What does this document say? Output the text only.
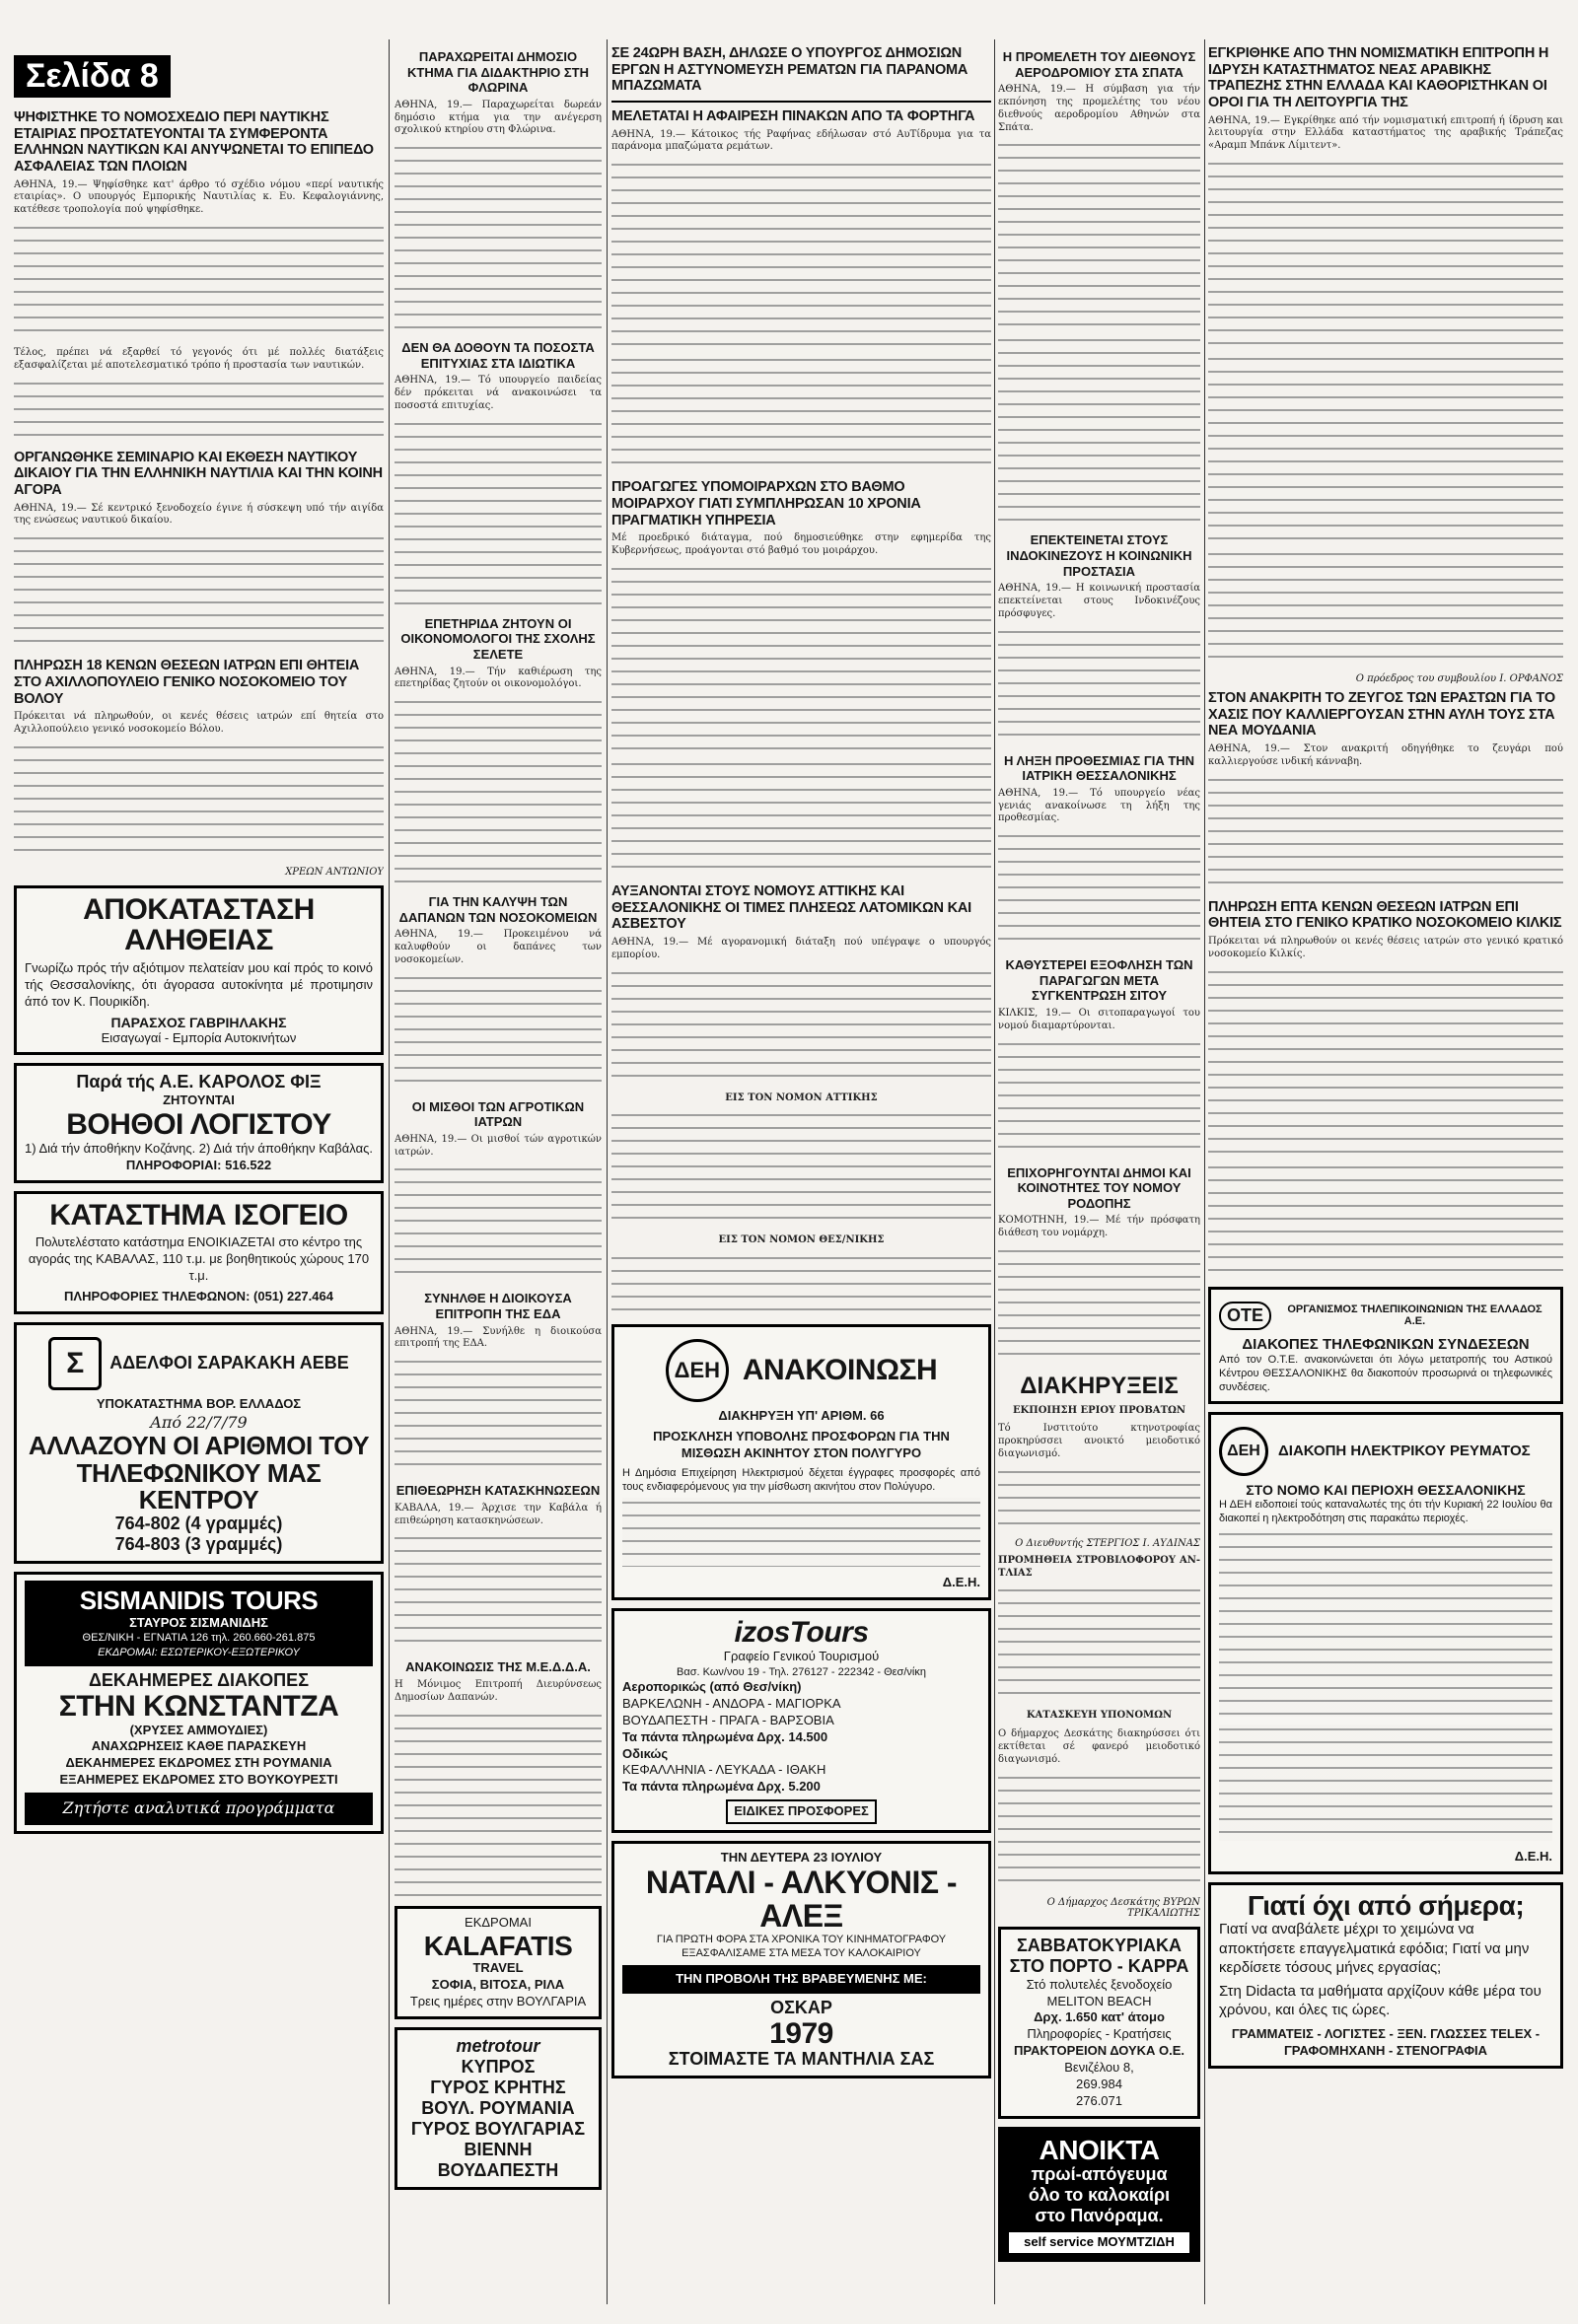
Σελίδα 8
ΨΗΦΙΣΤΗΚΕ ΤΟ ΝΟΜΟΣΧΕΔΙΟ ΠΕΡΙ ΝΑΥΤΙΚΗΣ ΕΤΑΙΡΙΑΣ ΠΡΟΣΤΑΤΕΥΟΝΤΑΙ ΤΑ ΣΥΜΦΕΡΟΝΤΑ ΕΛΛΗΝΩΝ ΝΑΥΤΙΚΩΝ ΚΑΙ ΑΝΥΨΩΝΕΤΑΙ ΤΟ ΕΠΙΠΕΔΟ ΑΣΦΑΛΕΙΑΣ ΤΩΝ ΠΛΟΙΩΝ

ΑΘΗΝΑ, 19.— Ψηφίσθηκε κατ' άρθρο τό σχέδιο νόμου «περί ναυτικής εταιρίας». Ο υπουργός Εμπορικής Ναυτιλίας κ. Ευ. Κεφαλογιάννης, κατέθεσε τροπολογία πού ψηφίσθηκε.

Τέλος, πρέπει νά εξαρθεί τό γεγονός ότι μέ πολλές διατάξεις εξασφαλίζεται μέ αποτελεσματικό τρόπο ή προστασία των ναυτικών.

ΟΡΓΑΝΩΘΗΚΕ ΣΕΜΙΝΑΡΙΟ ΚΑΙ ΕΚΘΕΣΗ ΝΑΥΤΙΚΟΥ ΔΙΚΑΙΟΥ ΓΙΑ ΤΗΝ ΕΛΛΗΝΙΚΗ ΝΑΥΤΙΛΙΑ ΚΑΙ ΤΗΝ ΚΟΙΝΗ ΑΓΟΡΑ

ΑΘΗΝΑ, 19.— Σέ κεντρικό ξενοδοχείο έγινε ή σύσκεψη υπό τήν αιγίδα της ενώσεως ναυτικού δικαίου.

ΠΛΗΡΩΣΗ 18 ΚΕΝΩΝ ΘΕΣΕΩΝ ΙΑΤΡΩΝ ΕΠΙ ΘΗΤΕΙΑ ΣΤΟ ΑΧΙΛΛΟΠΟΥΛΕΙΟ ΓΕΝΙΚΟ ΝΟΣΟΚΟΜΕΙΟ ΤΟΥ ΒΟΛΟΥ

Πρόκειται νά πληρωθούν, οι κενές θέσεις ιατρών επί θητεία στο Αχιλλοπούλειο γενικό νοσοκομείο Βόλου.

ΧΡΕΩΝ ΑΝΤΩΝΙΟΥ

ΑΠΟΚΑΤΑΣΤΑΣΗ ΑΛΗΘΕΙΑΣ
Γνωρίζω πρός τήν αξιότιμον πελατείαν μου καί πρός το κοινό τής Θεσσαλονίκης, ότι άγορασα αυτοκίνητα μέ προτιμησιν άπό τον Κ. Πουρικίδη.
ΠΑΡΑΣΧΟΣ ΓΑΒΡΙΗΛΑΚΗΣ
Εισαγωγαί - Εμπορία Αυτοκινήτων
Παρά τής Α.Ε. ΚΑΡΟΛΟΣ ΦΙΞ
ΖΗΤΟΥΝΤΑΙ
ΒΟΗΘΟΙ ΛΟΓΙΣΤΟΥ
1) Διά τήν άποθήκην Κοζάνης. 2) Διά τήν άποθήκην Καβάλας.
ΠΛΗΡΟΦΟΡΙΑΙ: 516.522
ΚΑΤΑΣΤΗΜΑ ΙΣΟΓΕΙΟ
Πολυτελέστατο κατάστημα ΕΝΟΙΚΙΑΖΕΤΑΙ στο κέντρο της αγοράς της ΚΑΒΑΛΑΣ, 110 τ.μ. με βοηθητικούς χώρους 170 τ.μ.
ΠΛΗΡΟΦΟΡΙΕΣ ΤΗΛΕΦΩΝΟΝ: (051) 227.464
Σ	ΑΔΕΛΦΟΙ ΣΑΡΑΚΑΚΗ ΑΕΒΕ
ΥΠΟΚΑΤΑΣΤΗΜΑ ΒΟΡ. ΕΛΛΑΔΟΣ
Από 22/7/79
ΑΛΛΑΖΟΥΝ ΟΙ ΑΡΙΘΜΟΙ ΤΟΥ ΤΗΛΕΦΩΝΙΚΟΥ ΜΑΣ ΚΕΝΤΡΟΥ
764-802 (4 γραμμές)
764-803 (3 γραμμές)
SISMANIDIS TOURS
ΣΤΑΥΡΟΣ ΣΙΣΜΑΝΙΔΗΣ
ΘΕΣ/ΝΙΚΗ - ΕΓΝΑΤΙΑ 126 τηλ. 260.660-261.875
ΕΚΔΡΟΜΑΙ: ΕΣΩΤΕΡΙΚΟΥ-ΕΞΩΤΕΡΙΚΟΥ
ΔΕΚΑΗΜΕΡΕΣ ΔΙΑΚΟΠΕΣ
ΣΤΗΝ ΚΩΝΣΤΑΝΤΖΑ
(ΧΡΥΣΕΣ ΑΜΜΟΥΔΙΕΣ)
ΑΝΑΧΩΡΗΣΕΙΣ ΚΑΘΕ ΠΑΡΑΣΚΕΥΗ
ΔΕΚΑΗΜΕΡΕΣ ΕΚΔΡΟΜΕΣ ΣΤΗ ΡΟΥΜΑΝΙΑ
ΕΞΑΗΜΕΡΕΣ ΕΚΔΡΟΜΕΣ ΣΤΟ ΒΟΥΚΟΥΡΕΣΤΙ
Ζητήστε αναλυτικά προγράμματα
ΠΑΡΑΧΩΡΕΙΤΑΙ ΔΗΜΟΣΙΟ ΚΤΗΜΑ ΓΙΑ ΔΙΔΑΚΤΗΡΙΟ ΣΤΗ ΦΛΩΡΙΝΑ

ΑΘΗΝΑ, 19.— Παραχωρείται δωρεάν δημόσιο κτήμα για την ανέγερση σχολικού κτηρίου στη Φλώρινα.

ΔΕΝ ΘΑ ΔΟΘΟΥΝ ΤΑ ΠΟΣΟΣΤΑ ΕΠΙΤΥΧΙΑΣ ΣΤΑ ΙΔΙΩΤΙΚΑ

ΑΘΗΝΑ, 19.— Τό υπουργείο παιδείας δέν πρόκειται νά ανακοινώσει τα ποσοστά επιτυχίας.

ΕΠΕΤΗΡΙΔΑ ΖΗΤΟΥΝ ΟΙ ΟΙΚΟΝΟΜΟΛΟΓΟΙ ΤΗΣ ΣΧΟΛΗΣ ΣΕΛΕΤΕ

ΑΘΗΝΑ, 19.— Τήν καθιέρωση της επετηρίδας ζητούν οι οικονομολόγοι.

ΓΙΑ ΤΗΝ ΚΑΛΥΨΗ ΤΩΝ ΔΑΠΑΝΩΝ ΤΩΝ ΝΟΣΟΚΟΜΕΙΩΝ

ΑΘΗΝΑ, 19.— Προκειμένου νά καλυφθούν οι δαπάνες των νοσοκομείων.

ΟΙ ΜΙΣΘΟΙ ΤΩΝ ΑΓΡΟΤΙΚΩΝ ΙΑΤΡΩΝ

ΑΘΗΝΑ, 19.— Οι μισθοί τών αγροτικών ιατρών.

ΣΥΝΗΛΘΕ Η ΔΙΟΙΚΟΥΣΑ ΕΠΙΤΡΟΠΗ ΤΗΣ ΕΔΑ

ΑΘΗΝΑ, 19.— Συνήλθε η διοικούσα επιτροπή της ΕΔΑ.

ΕΠΙΘΕΩΡΗΣΗ ΚΑΤΑΣΚΗΝΩΣΕΩΝ

ΚΑΒΑΛΑ, 19.— Άρχισε την Καβάλα ή επιθεώρηση κατασκηνώσεων.

ΑΝΑΚΟΙΝΩΣΙΣ ΤΗΣ Μ.Ε.Δ.Δ.Α.

Η Μόνιμος Επιτροπή Διευρύνσεως Δημοσίων Δαπανών.

ΕΚΔΡΟΜΑΙ
KALAFATIS
TRAVEL
ΣΟΦΙΑ, ΒΙΤΟΣΑ, ΡΙΛΑ
Τρεις ημέρες στην ΒΟΥΛΓΑΡΙΑ
metrotour
ΚΥΠΡΟΣ
ΓΥΡΟΣ ΚΡΗΤΗΣ
ΒΟΥΛ. ΡΟΥΜΑΝΙΑ
ΓΥΡΟΣ ΒΟΥΛΓΑΡΙΑΣ
ΒΙΕΝΝΗ ΒΟΥΔΑΠΕΣΤΗ
ΣΕ 24ΩΡΗ ΒΑΣΗ, ΔΗΛΩΣΕ Ο ΥΠΟΥΡΓΟΣ ΔΗΜΟΣΙΩΝ ΕΡΓΩΝ Η ΑΣΤΥΝΟΜΕΥΣΗ ΡΕΜΑΤΩΝ ΓΙΑ ΠΑΡΑΝΟΜΑ ΜΠΑΖΩΜΑΤΑ
ΜΕΛΕΤΑΤΑΙ Η ΑΦΑΙΡΕΣΗ ΠΙΝΑΚΩΝ ΑΠΟ ΤΑ ΦΟΡΤΗΓΑ

ΑΘΗΝΑ, 19.— Κάτοικος τής Ραφήνας εδήλωσαν στό ΑυΤίδρυμα για τα παράνομα μπαζώματα ρεμάτων.

ΠΡΟΑΓΩΓΕΣ ΥΠΟΜΟΙΡΑΡΧΩΝ ΣΤΟ ΒΑΘΜΟ ΜΟΙΡΑΡΧΟΥ ΓΙΑΤΙ ΣΥΜΠΛΗΡΩΣΑΝ 10 ΧΡΟΝΙΑ ΠΡΑΓΜΑΤΙΚΗ ΥΠΗΡΕΣΙΑ

Μέ προεδρικό διάταγμα, πού δημοσιεύθηκε στην εφημερίδα της Κυβερνήσεως, προάγονται στό βαθμό του μοιράρχου.

ΑΥΞΑΝΟΝΤΑΙ ΣΤΟΥΣ ΝΟΜΟΥΣ ΑΤΤΙΚΗΣ ΚΑΙ ΘΕΣΣΑΛΟΝΙΚΗΣ ΟΙ ΤΙΜΕΣ ΠΛΗΣΕΩΣ ΛΑΤΟΜΙΚΩΝ ΚΑΙ ΑΣΒΕΣΤΟΥ

ΑΘΗΝΑ, 19.— Μέ αγορανομική διάταξη πού υπέγραψε ο υπουργός εμπορίου.

ΕΙΣ ΤΟΝ ΝΟΜΟΝ ΑΤΤΙΚΗΣ

ΕΙΣ ΤΟΝ ΝΟΜΟΝ ΘΕΣ/ΝΙΚΗΣ

ΔΕΗ ΑΝΑΚΟΙΝΩΣΗ
ΔΙΑΚΗΡΥΞΗ ΥΠ' ΑΡΙΘΜ. 66
ΠΡΟΣΚΛΗΣΗ ΥΠΟΒΟΛΗΣ ΠΡΟΣΦΟΡΩΝ ΓΙΑ ΤΗΝ ΜΙΣΘΩΣΗ ΑΚΙΝΗΤΟΥ ΣΤΟΝ ΠΟΛΥΓΥΡΟ
Η Δημόσια Επιχείρηση Ηλεκτρισμού δέχεται έγγραφες προσφορές από τους ενδιαφερόμενους για την μίσθωση ακινήτου στον Πολύγυρο.
Δ.Ε.Η.
izosTours
Γραφείο Γενικού Τουρισμού
Βασ. Κων/νου 19 - Τηλ. 276127 - 222342 - Θεσ/νίκη
Αεροπορικώς (από Θεσ/νίκη)
ΒΑΡΚΕΛΩΝΗ - ΑΝΔΟΡΑ - ΜΑΓΙΟΡΚΑ
ΒΟΥΔΑΠΕΣΤΗ - ΠΡΑΓΑ - ΒΑΡΣΟΒΙΑ
Τα πάντα πληρωμένα Δρχ. 14.500
Οδικώς
ΚΕΦΑΛΛΗΝΙΑ - ΛΕΥΚΑΔΑ - ΙΘΑΚΗ
Τα πάντα πληρωμένα Δρχ. 5.200
ΕΙΔΙΚΕΣ ΠΡΟΣΦΟΡΕΣ
ΤΗΝ ΔΕΥΤΕΡΑ 23 ΙΟΥΛΙΟΥ
ΝΑΤΑΛΙ - ΑΛΚΥΟΝΙΣ - ΑΛΕΞ
ΓΙΑ ΠΡΩΤΗ ΦΟΡΑ ΣΤΑ ΧΡΟΝΙΚΑ ΤΟΥ ΚΙΝΗΜΑΤΟΓΡΑΦΟΥ ΕΞΑΣΦΑΛΙΣΑΜΕ ΣΤΑ ΜΕΣΑ ΤΟΥ ΚΑΛΟΚΑΙΡΙΟΥ
ΤΗΝ ΠΡΟΒΟΛΗ ΤΗΣ ΒΡΑΒΕΥΜΕΝΗΣ ΜΕ:
ΟΣΚΑΡ
1979
ΣΤΟΙΜΑΣΤΕ ΤΑ ΜΑΝΤΗΛΙΑ ΣΑΣ
Η ΠΡΟΜΕΛΕΤΗ ΤΟΥ ΔΙΕΘΝΟΥΣ ΑΕΡΟΔΡΟΜΙΟΥ ΣΤΑ ΣΠΑΤΑ

ΑΘΗΝΑ, 19.— Η σύμβαση για τήν εκπόνηση της προμελέτης του νέου διεθνούς αεροδρομίου Αθηνών στα Σπάτα.

ΕΠΕΚΤΕΙΝΕΤΑΙ ΣΤΟΥΣ ΙΝΔΟΚΙΝΕΖΟΥΣ Η ΚΟΙΝΩΝΙΚΗ ΠΡΟΣΤΑΣΙΑ

ΑΘΗΝΑ, 19.— Η κοινωνική προστασία επεκτείνεται στους Ινδοκινέζους πρόσφυγες.

Η ΛΗΞΗ ΠΡΟΘΕΣΜΙΑΣ ΓΙΑ ΤΗΝ ΙΑΤΡΙΚΗ ΘΕΣΣΑΛΟΝΙΚΗΣ

ΑΘΗΝΑ, 19.— Τό υπουργείο νέας γενιάς ανακοίνωσε τη λήξη της προθεσμίας.

ΚΑΘΥΣΤΕΡΕΙ ΕΞΟΦΛΗΣΗ ΤΩΝ ΠΑΡΑΓΩΓΩΝ ΜΕΤΑ ΣΥΓΚΕΝΤΡΩΣΗ ΣΙΤΟΥ

ΚΙΛΚΙΣ, 19.— Οι σιτοπαραγωγοί του νομού διαμαρτύρονται.

ΕΠΙΧΟΡΗΓΟΥΝΤΑΙ ΔΗΜΟΙ ΚΑΙ ΚΟΙΝΟΤΗΤΕΣ ΤΟΥ ΝΟΜΟΥ ΡΟΔΟΠΗΣ

ΚΟΜΟΤΗΝΗ, 19.— Μέ τήν πρόσφατη διάθεση του νομάρχη.

ΔΙΑΚΗΡΥΞΕΙΣ

ΕΚΠΟΙΗΣΗ ΕΡΙΟΥ ΠΡΟΒΑΤΩΝ

Τό Ινστιτούτο κτηνοτροφίας προκηρύσσει ανοικτό μειοδοτικό διαγωνισμό.

Ο Διευθυντής ΣΤΕΡΓΙΟΣ Ι. ΑΥΔΙΝΑΣ

ΠΡΟΜΗΘΕΙΑ ΣΤΡΟΒΙΛΟΦΟΡΟΥ ΑΝ-ΤΛΙΑΣ

ΚΑΤΑΣΚΕΥΗ ΥΠΟΝΟΜΩΝ

Ο δήμαρχος Δεσκάτης διακηρύσσει ότι εκτίθεται σέ φανερό μειοδοτικό διαγωνισμό.

Ο Δήμαρχος Δεσκάτης ΒΥΡΩΝ ΤΡΙΚΑΛΙΩΤΗΣ

ΣΑΒΒΑΤΟΚΥΡΙΑΚΑ ΣΤΟ ΠΟΡΤΟ - ΚΑΡΡΑ
Στό πολυτελές ξενοδοχείο MELITON BEACH
Δρχ. 1.650 κατ' άτομο
Πληροφορίες - Κρατήσεις
ΠΡΑΚΤΟΡΕΙΟΝ ΔΟΥΚΑ Ο.Ε.
Βενιζέλου 8,
269.984
276.071
ΑΝΟΙΚΤΑ
πρωί-απόγευμα
όλο το καλοκαίρι
στο Πανόραμα.
self service ΜΟΥΜΤΖΙΔΗ
ΕΓΚΡΙΘΗΚΕ ΑΠΟ ΤΗΝ ΝΟΜΙΣΜΑΤΙΚΗ ΕΠΙΤΡΟΠΗ Η ΙΔΡΥΣΗ ΚΑΤΑΣΤΗΜΑΤΟΣ ΝΕΑΣ ΑΡΑΒΙΚΗΣ ΤΡΑΠΕΖΗΣ ΣΤΗΝ ΕΛΛΑΔΑ ΚΑΙ ΚΑΘΟΡΙΣΤΗΚΑΝ ΟΙ ΟΡΟΙ ΓΙΑ ΤΗ ΛΕΙΤΟΥΡΓΙΑ ΤΗΣ

ΑΘΗΝΑ, 19.— Εγκρίθηκε από τήν νομισματική επιτροπή ή ίδρυση και λειτουργία στην Ελλάδα καταστήματος της αραβικής Τράπεζας «Αραμπ Μπάνκ Λίμιτεντ».

Ο πρόεδρος του συμβουλίου Ι. ΟΡΦΑΝΟΣ

ΣΤΟΝ ΑΝΑΚΡΙΤΗ ΤΟ ΖΕΥΓΟΣ ΤΩΝ ΕΡΑΣΤΩΝ ΓΙΑ ΤΟ ΧΑΣΙΣ ΠΟΥ ΚΑΛΛΙΕΡΓΟΥΣΑΝ ΣΤΗΝ ΑΥΛΗ ΤΟΥΣ ΣΤΑ ΝΕΑ ΜΟΥΔΑΝΙΑ

ΑΘΗΝΑ, 19.— Στον ανακριτή οδηγήθηκε το ζευγάρι πού καλλιεργούσε ινδική κάνναβη.

ΠΛΗΡΩΣΗ ΕΠΤΑ ΚΕΝΩΝ ΘΕΣΕΩΝ ΙΑΤΡΩΝ ΕΠΙ ΘΗΤΕΙΑ ΣΤΟ ΓΕΝΙΚΟ ΚΡΑΤΙΚΟ ΝΟΣΟΚΟΜΕΙΟ ΚΙΛΚΙΣ

Πρόκειται νά πληρωθούν οι κενές θέσεις ιατρών στο γενικό κρατικό νοσοκομείο Κιλκίς.

ΟΤΕ	ΟΡΓΑΝΙΣΜΟΣ ΤΗΛΕΠΙΚΟΙΝΩΝΙΩΝ ΤΗΣ ΕΛΛΑΔΟΣ Α.Ε.
ΔΙΑΚΟΠΕΣ ΤΗΛΕΦΩΝΙΚΩΝ ΣΥΝΔΕΣΕΩΝ
Από τον Ο.Τ.Ε. ανακοινώνεται ότι λόγω μετατροπής του Αστικού Κέντρου ΘΕΣΣΑΛΟΝΙΚΗΣ θα διακοπούν προσωρινά οι τηλεφωνικές συνδέσεις.
ΔΕΗ	ΔΙΑΚΟΠΗ ΗΛΕΚΤΡΙΚΟΥ ΡΕΥΜΑΤΟΣ
ΣΤΟ ΝΟΜΟ ΚΑΙ ΠΕΡΙΟΧΗ ΘΕΣΣΑΛΟΝΙΚΗΣ
Η ΔΕΗ ειδοποιεί τούς καταναλωτές της ότι τήν Κυριακή 22 Ιουλίου θα διακοπεί η ηλεκτροδότηση στις παρακάτω περιοχές.
Δ.Ε.Η.
Γιατί όχι από σήμερα;
Γιατί να αναβάλετε μέχρι το χειμώνα να αποκτήσετε επαγγελματικά εφόδια; Γιατί να μην κερδίσετε τόσους μήνες εργασίας;
Στη Didacta τα μαθήματα αρχίζουν κάθε μέρα του χρόνου, και όλες τις ώρες.
ΓΡΑΜΜΑΤΕΙΣ - ΛΟΓΙΣΤΕΣ - ΞΕΝ. ΓΛΩΣΣΕΣ TELEX - ΓΡΑΦΟΜΗΧΑΝΗ - ΣΤΕΝΟΓΡΑΦΙΑ
